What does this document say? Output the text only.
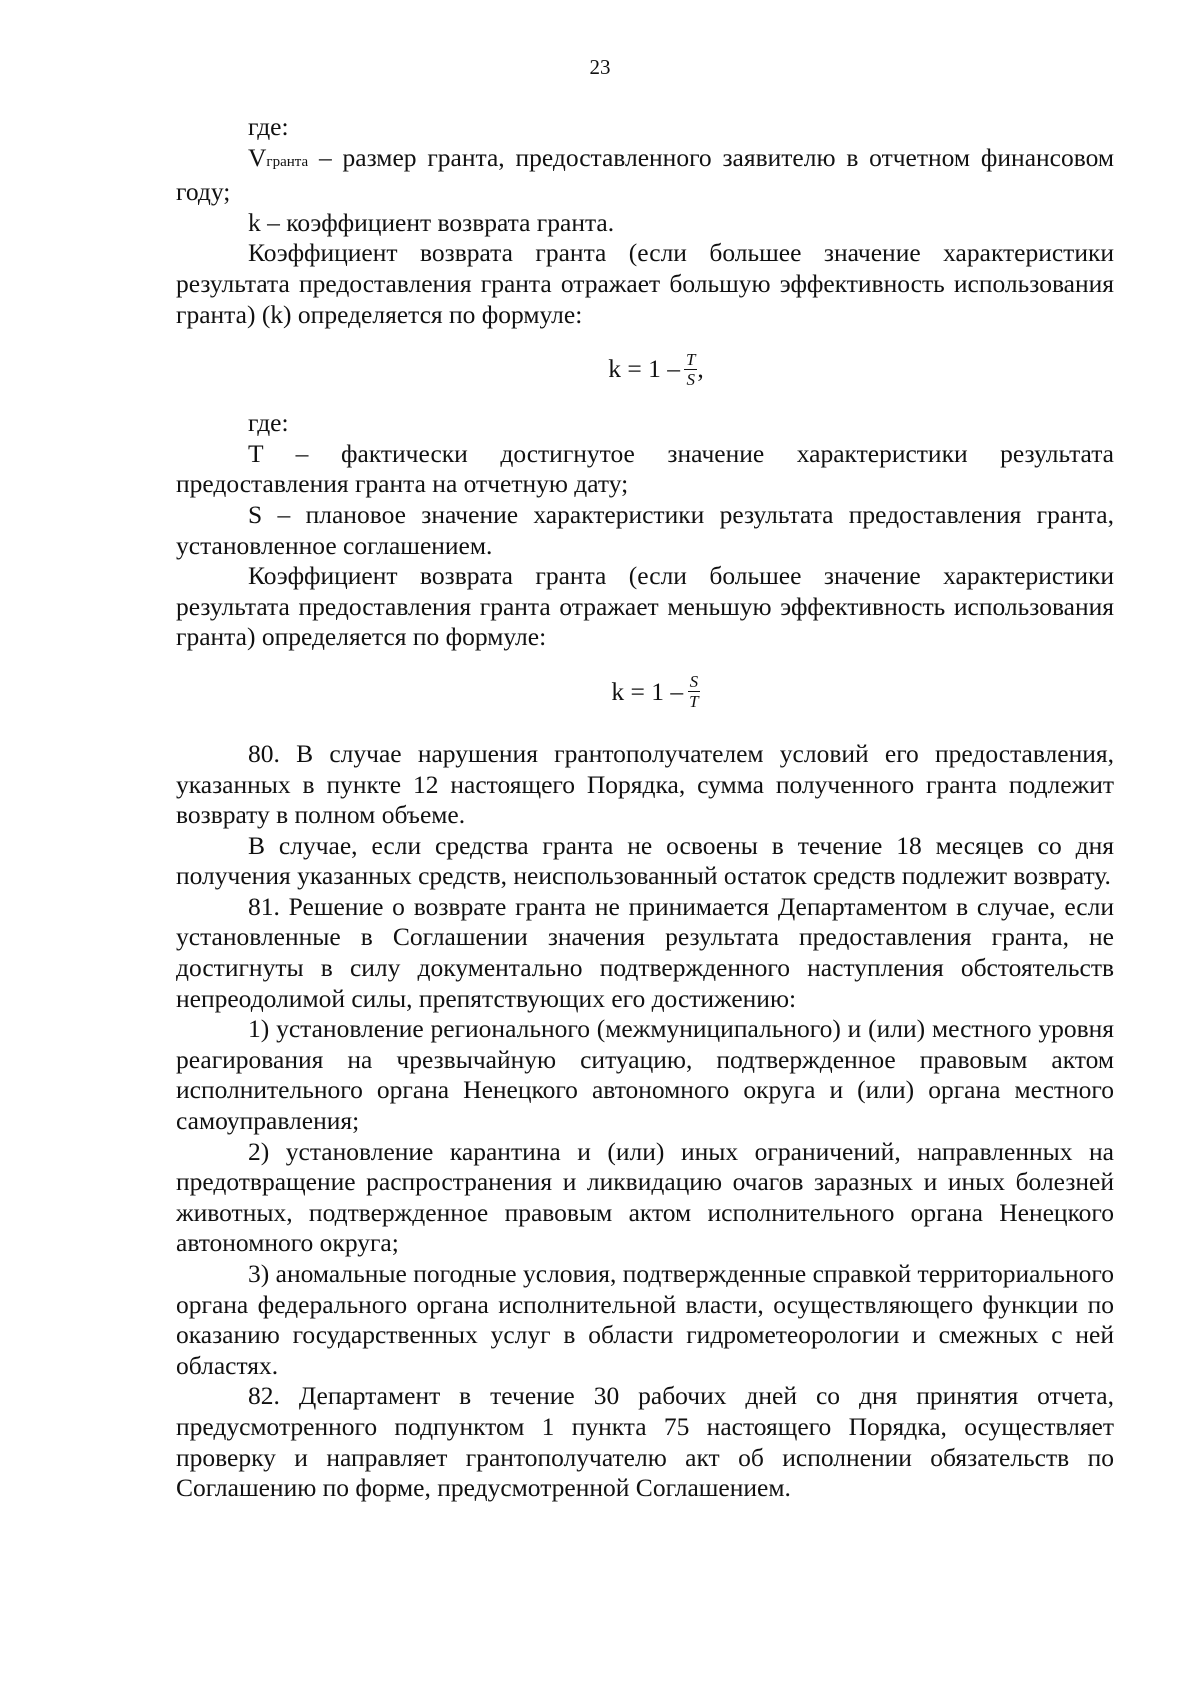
23

где:

Vгранта – размер гранта, предоставленного заявителю в отчетном финансовом году;

k – коэффициент возврата гранта.

Коэффициент возврата гранта (если большее значение характеристики результата предоставления гранта отражает большую эффективность использования гранта) (k) определяется по формуле:

$k = 1 - \frac{T}{S}$ ,

где:

T – фактически достигнутое значение характеристики результата предоставления гранта на отчетную дату;

S – плановое значение характеристики результата предоставления гранта, установленное соглашением.

Коэффициент возврата гранта (если большее значение характеристики результата предоставления гранта отражает меньшую эффективность использования гранта) определяется по формуле:

$k = 1 - \frac{S}{T}$

80. В случае нарушения грантополучателем условий его предоставления, указанных в пункте 12 настоящего Порядка, сумма полученного гранта подлежит возврату в полном объеме.

В случае, если средства гранта не освоены в течение 18 месяцев со дня получения указанных средств, неиспользованный остаток средств подлежит возврату.

81. Решение о возврате гранта не принимается Департаментом в случае, если установленные в Соглашении значения результата предоставления гранта, не достигнуты в силу документально подтвержденного наступления обстоятельств непреодолимой силы, препятствующих его достижению:

1) установление регионального (межмуниципального) и (или) местного уровня реагирования на чрезвычайную ситуацию, подтвержденное правовым актом исполнительного органа Ненецкого автономного округа и (или) органа местного самоуправления;

2) установление карантина и (или) иных ограничений, направленных на предотвращение распространения и ликвидацию очагов заразных и иных болезней животных, подтвержденное правовым актом исполнительного органа Ненецкого автономного округа;

3) аномальные погодные условия, подтвержденные справкой территориального органа федерального органа исполнительной власти, осуществляющего функции по оказанию государственных услуг в области гидрометеорологии и смежных с ней областях.

82. Департамент в течение 30 рабочих дней со дня принятия отчета, предусмотренного подпунктом 1 пункта 75 настоящего Порядка, осуществляет проверку и направляет грантополучателю акт об исполнении обязательств по Соглашению по форме, предусмотренной Соглашением.
